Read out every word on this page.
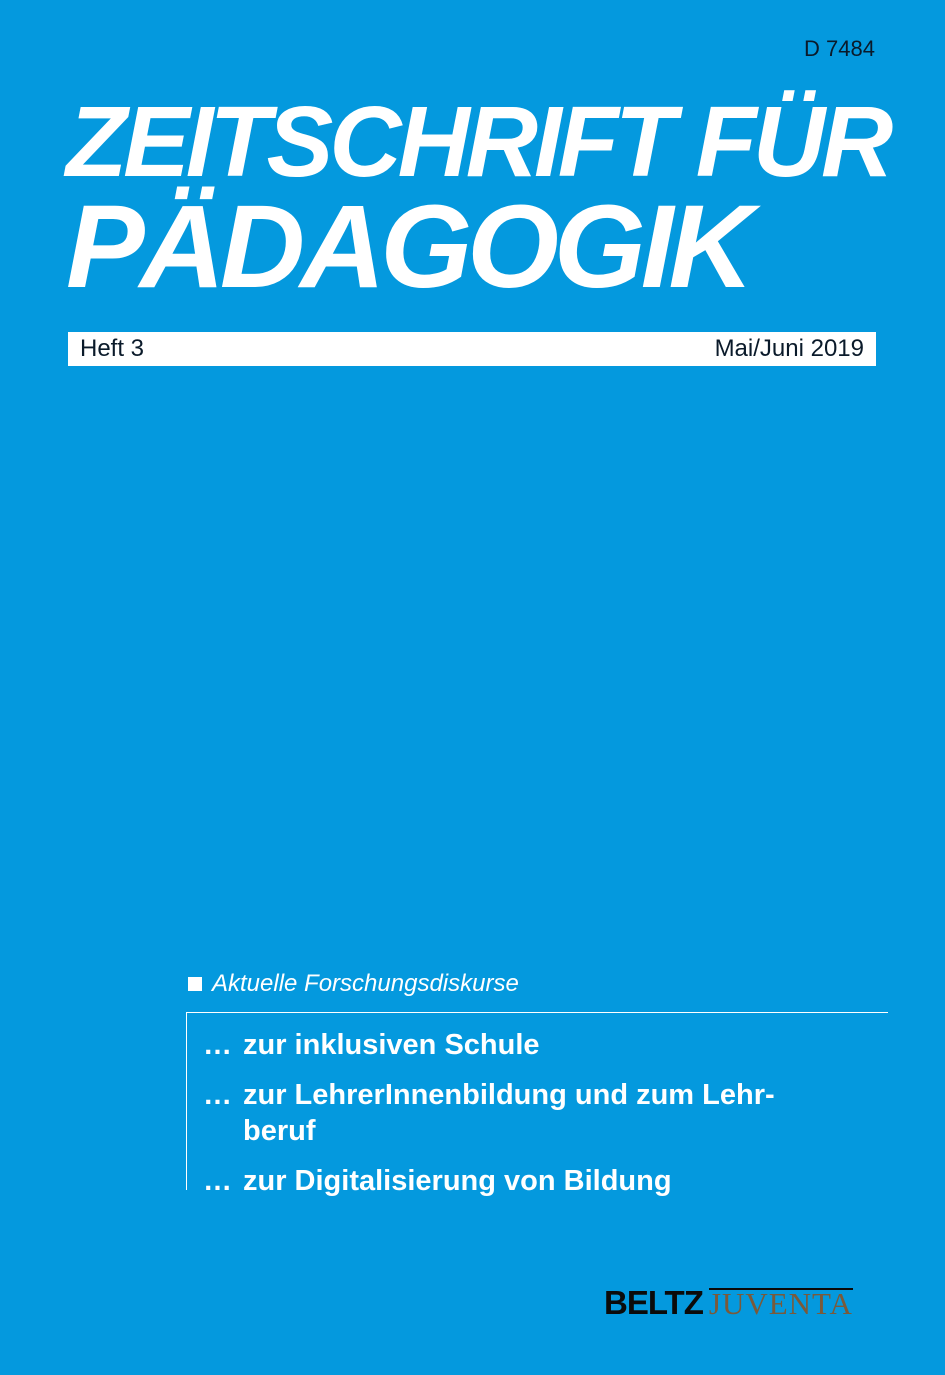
D 7484
ZEITSCHRIFT FÜR
PÄDAGOGIK
Heft 3	Mai/Juni 2019
Aktuelle Forschungsdiskurse
… zur inklusiven Schule
… zur LehrerInnenbildung und zum Lehr-beruf
… zur Digitalisierung von Bildung
BELTZ JUVENTA
